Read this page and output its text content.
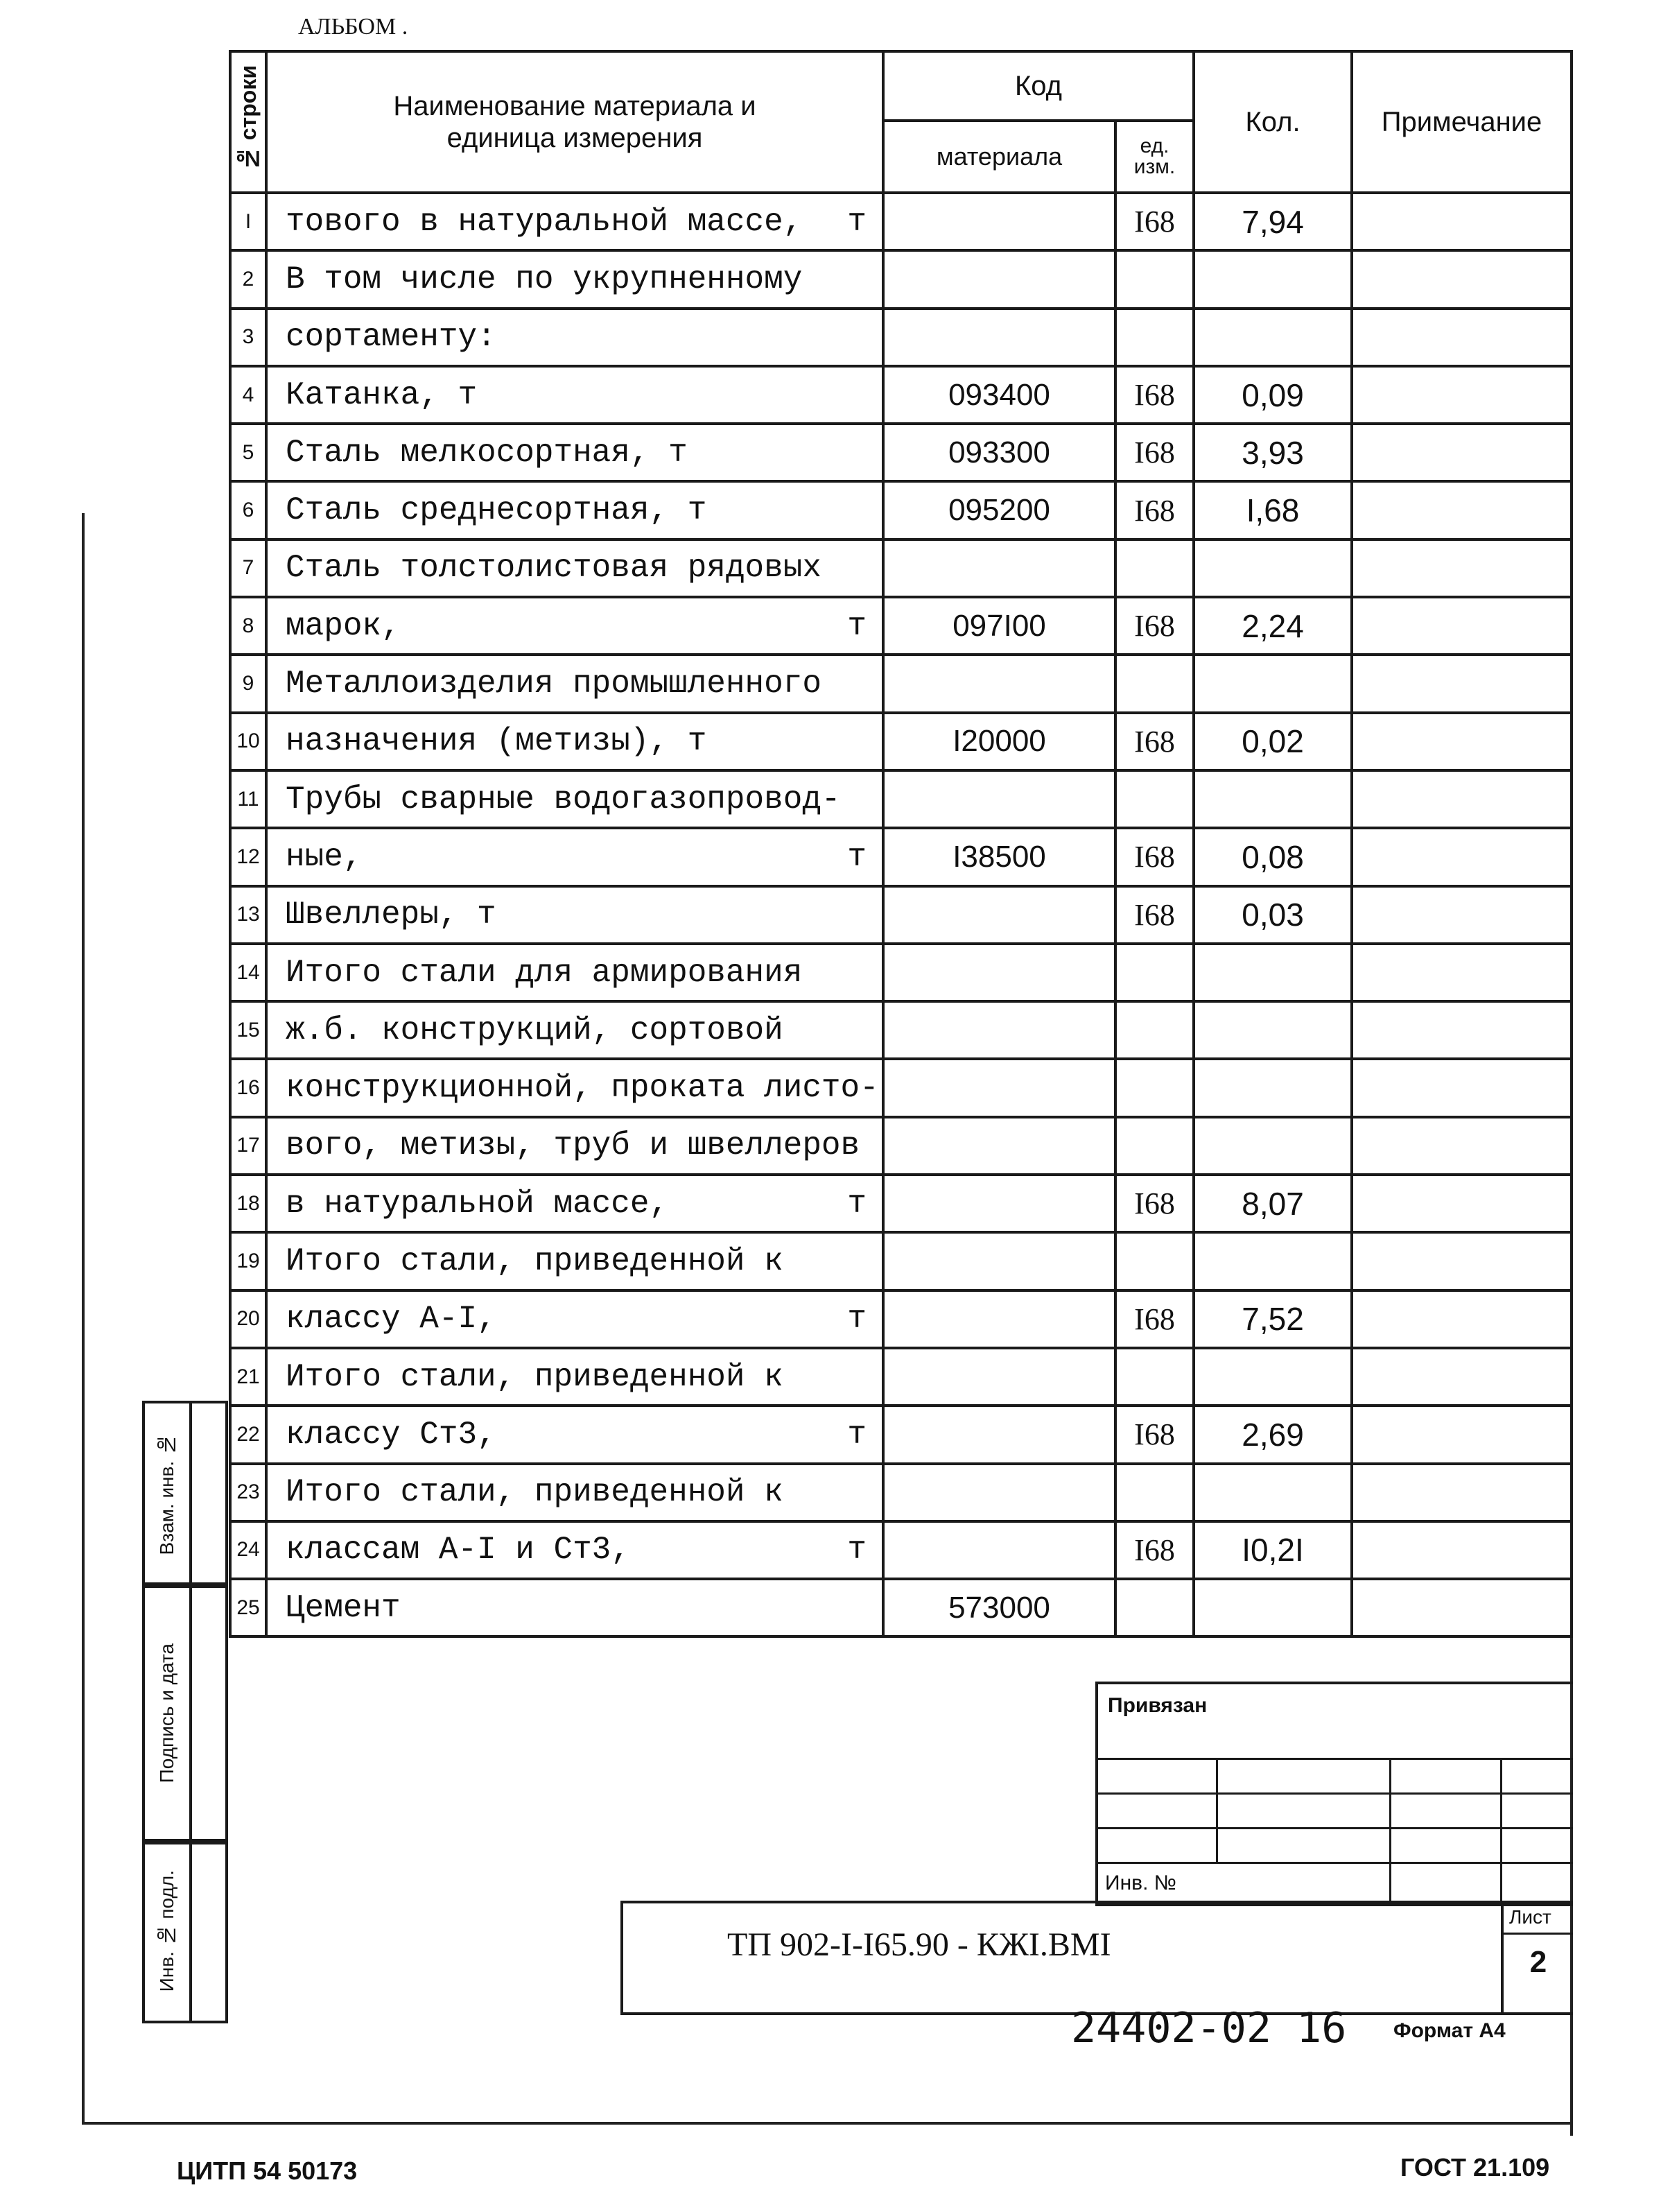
АЛЬБОМ .
№ строки	Наименование материала и единица измерения	Код		Кол.	Примечание
		материала	ед. изм.		
I	тового в натуральной массе, т		I68	7,94	
2	В том числе по укрупненному

3	сортаменту:

4	Катанка, т	093400	I68	0,09	
5	Сталь мелкосортная, т	093300	I68	3,93	
6	Сталь среднесортная, т	095200	I68	I,68	
7	Сталь толстолистовая рядовых

8	марок, т	097I00	I68	2,24	
9	Металлоизделия промышленного

10	назначения (метизы), т	I20000	I68	0,02	
11	Трубы сварные водогазопровод-

12	ные, т	I38500	I68	0,08	
13	Швеллеры, т		I68	0,03	
14	Итого стали для армирования

15	ж.б. конструкций, сортовой

16	конструкционной, проката листо-

17	вого, метизы, труб и швеллеров

18	в натуральной массе, т		I68	8,07	
19	Итого стали, приведенной к

20	классу А-I, т		I68	7,52	
21	Итого стали, приведенной к

22	классу Ст3, т		I68	2,69	
23	Итого стали, приведенной к

24	классам А-I и Ст3, т		I68	I0,2I	
25	Цемент	573000			
Взам. инв. №
Подпись и дата
Инв. № подл.
Привязан
Инв. №
ТП 902-I-I65.90 - КЖI.ВМI
Лист
2
24402-02 16 Формат А4
ЦИТП 54 50173	ГОСТ 21.109
